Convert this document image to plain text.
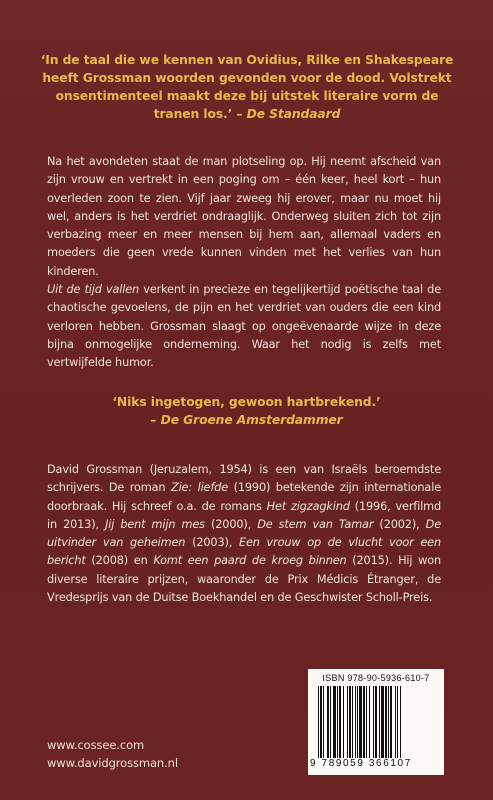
‘In de taal die we kennen van Ovidius, Rilke en Shakespeare heeft Grossman woorden gevonden voor de dood. Volstrekt onsentimenteel maakt deze bij uitstek literaire vorm de tranen los.’ – De Standaard

Na het avondeten staat de man plotseling op. Hij neemt afscheid van zijn vrouw en vertrekt in een poging om – één keer, heel kort – hun overleden zoon te zien. Vijf jaar zweeg hij erover, maar nu moet hij wel, anders is het verdriet ondraaglijk. Onderweg sluiten zich tot zijn verbazing meer en meer mensen bij hem aan, allemaal vaders en moeders die geen vrede kunnen vinden met het verlies van hun kinderen.

Uit de tijd vallen verkent in precieze en tegelijkertijd poëtische taal de chaotische gevoelens, de pijn en het verdriet van ouders die een kind verloren hebben. Grossman slaagt op ongeëvenaarde wijze in deze bijna onmogelijke onderneming. Waar het nodig is zelfs met vertwijfelde humor.

‘Niks ingetogen, gewoon hartbrekend.’
– De Groene Amsterdammer

David Grossman (Jeruzalem, 1954) is een van Israëls beroemdste schrijvers. De roman Zie: liefde (1990) betekende zijn internationale doorbraak. Hij schreef o.a. de romans Het zigzagkind (1996, verfilmd in 2013), Jij bent mijn mes (2000), De stem van Tamar (2002), De uitvinder van geheimen (2003), Een vrouw op de vlucht voor een bericht (2008) en Komt een paard de kroeg binnen (2015). Hij won diverse literaire prijzen, waaronder de Prix Médicis Étranger, de Vredesprijs van de Duitse Boekhandel en de Geschwister Scholl-Preis.

ISBN 978-90-5936-610-7
9 789059 366107
www.cossee.com
www.davidgrossman.nl
